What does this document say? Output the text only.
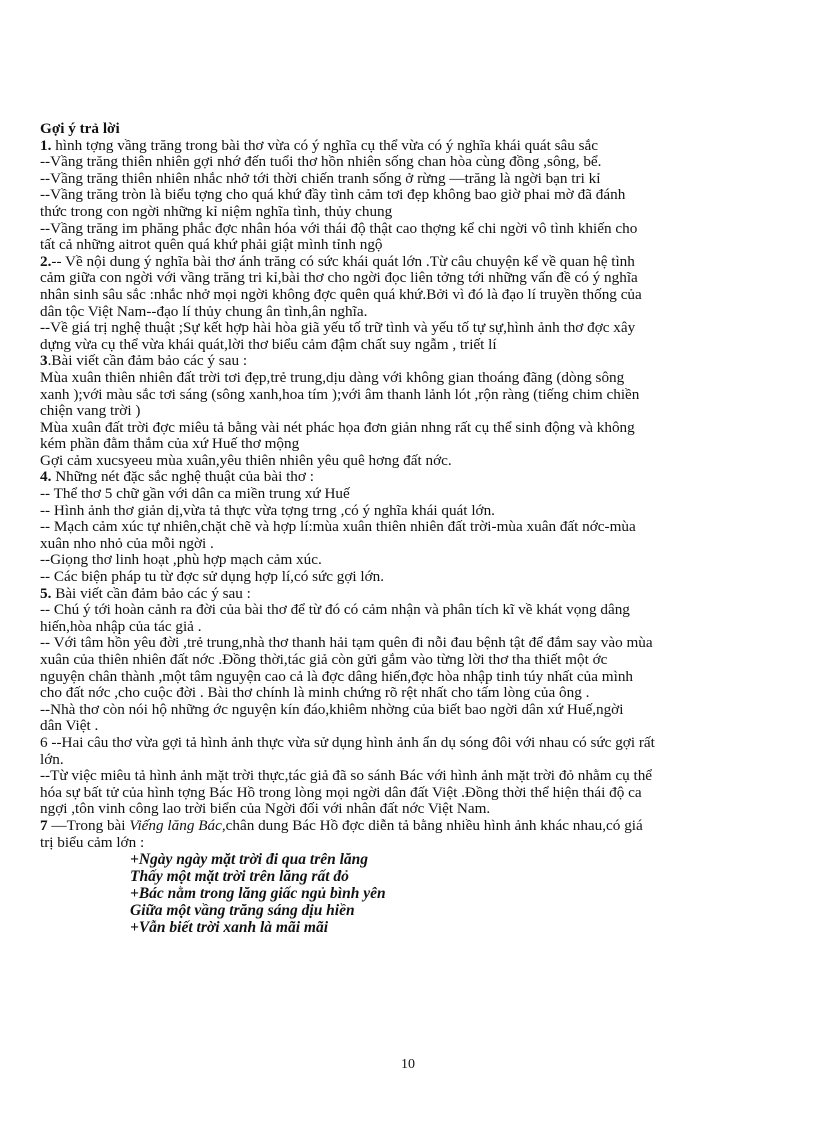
Gợi ý trả lời
1. hình tợng vầng trăng trong bài thơ vừa có ý nghĩa cụ thể vừa có ý nghĩa khái quát sâu sắc
--Vầng trăng thiên nhiên gợi nhớ đến tuổi thơ hồn nhiên sống chan hòa cùng đồng ,sông, bể.
--Vầng trăng thiên nhiên nhắc nhở tới thời chiến tranh sống ở rừng —trăng là ngời bạn tri kỉ
--Vầng trăng tròn là biểu tợng cho quá khứ đầy tình cảm tơi đẹp không bao giờ phai mờ đã đánh
thức trong con ngời những kỉ niệm nghĩa tình, thủy chung
--Vầng trăng im phăng phắc đợc nhân hóa với thái độ thật cao thợng kể chi ngời vô tình khiến cho
tất cả những aitrot quên quá khứ phải giật mình tỉnh ngộ
2.-- Về nội dung ý nghĩa bài thơ ánh trăng có sức khái quát lớn .Từ câu chuyện kể về quan hệ tình
cảm giữa con ngời với vầng trăng tri kỉ,bài thơ cho ngời đọc liên tởng tới những vấn đề có ý nghĩa
nhân sinh sâu sắc :nhắc nhở mọi ngời không đợc quên quá khứ.Bởi vì đó là đạo lí truyền thống của
dân tộc Việt Nam--đạo lí thủy chung ân tình,ân nghĩa.
--Về giá trị nghệ thuật ;Sự kết hợp hài hòa giã yếu tố trữ tình và yếu tố tự sự,hình ảnh thơ đợc xây
dựng vừa cụ thể vừa khái quát,lời thơ biểu cảm đậm chất suy ngẫm , triết lí
3.Bài viết cần đảm bảo các ý sau :
Mùa xuân thiên nhiên đất trời tơi đẹp,trẻ trung,dịu dàng với không gian thoáng đãng (dòng sông
xanh );với màu sắc tơi sáng (sông xanh,hoa tím );với âm thanh lảnh lót ,rộn ràng (tiếng chim chiền
chiện vang trời )
Mùa xuân đất trời đợc miêu tả bằng vài nét phác họa đơn giản nhng rất cụ thể sinh động và không
kém phần đằm thắm của xứ Huế thơ mộng
Gợi cảm xucsyeeu mùa xuân,yêu thiên nhiên yêu quê hơng đất nớc.
4. Những nét đặc sắc nghệ thuật của bài thơ :
-- Thể thơ 5 chữ gần với dân ca miền trung xứ Huế
-- Hình ảnh thơ giản dị,vừa tả thực vừa tợng trng ,có ý nghĩa khái quát lớn.
-- Mạch cảm xúc tự nhiên,chặt chẽ và hợp lí:mùa xuân thiên nhiên đất trời-mùa xuân đất nớc-mùa
xuân nho nhỏ của mỗi ngời .
--Giọng thơ linh hoạt ,phù hợp mạch cảm xúc.
-- Các biện pháp tu từ đợc sử dụng hợp lí,có sức gợi lớn.
5. Bài viết cần đảm bảo các ý sau :
-- Chú ý tới hoàn cảnh ra đời của bài thơ để từ đó có cảm nhận và phân tích kĩ về khát vọng dâng
hiến,hòa nhập của tác giả .
-- Với tâm hồn yêu đời ,trẻ trung,nhà thơ thanh hải tạm quên đi nỗi đau bệnh tật để đắm say vào mùa
xuân của thiên nhiên đất nớc .Đồng thời,tác giả còn gửi gắm vào từng lời thơ tha thiết một ớc
nguyện chân thành ,một tâm nguyện cao cả là đợc dâng hiến,đợc hòa nhập tinh túy nhất của mình
cho đất nớc ,cho cuộc đời . Bài thơ chính là minh chứng rõ rệt nhất cho tấm lòng của ông .
--Nhà thơ còn nói hộ những ớc nguyện kín đáo,khiêm nhờng của biết bao ngời dân xứ Huế,ngời
dân Việt .
6 --Hai câu thơ vừa gợi tả hình ảnh thực vừa sử dụng hình ảnh ẩn dụ sóng đôi với nhau có sức gợi rất
lớn.
--Từ việc miêu tả hình ảnh mặt trời thực,tác giả đã so sánh Bác với hình ảnh mặt trời đỏ nhằm cụ thể
hóa sự bất tử của hình tợng Bác Hồ trong lòng mọi ngời dân đất Việt .Đồng thời thể hiện thái độ ca
ngợi ,tôn vinh công lao trời biển của Ngời đối với nhân đất nớc Việt Nam.
7 —Trong bài Viếng lăng Bác,chân dung Bác Hồ đợc diễn tả bằng nhiều hình ảnh khác nhau,có giá
trị biểu cảm lớn :
+Ngày ngày mặt trời đi qua trên lăng
Thấy một mặt trời trên lăng rất đỏ
+Bác nằm trong lăng giấc ngủ bình yên
Giữa một vầng trăng sáng dịu hiền
+Vẫn biết trời xanh là mãi mãi
10
